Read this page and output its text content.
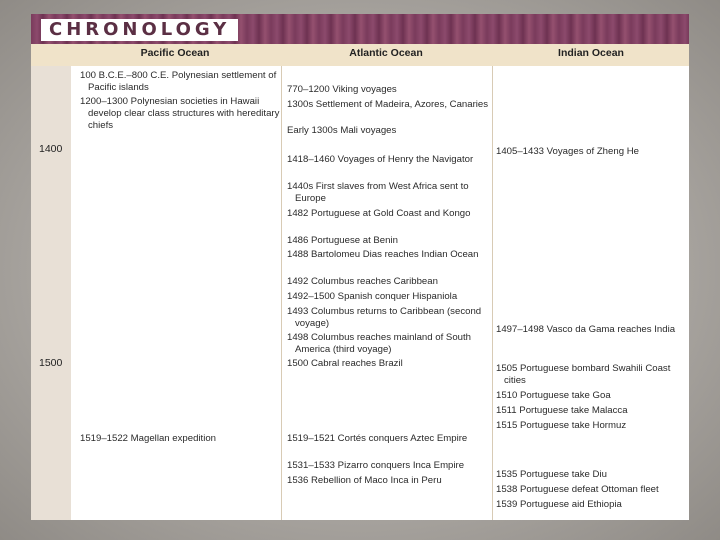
CHRONOLOGY
Pacific Ocean	Atlantic Ocean	Indian Ocean
1400
1500
100 B.C.E.–800 C.E. Polynesian settlement of Pacific islands
1200–1300 Polynesian societies in Hawaii develop clear class structures with hereditary chiefs
1519–1522 Magellan expedition
770–1200 Viking voyages
1300s Settlement of Madeira, Azores, Canaries
Early 1300s Mali voyages
1418–1460 Voyages of Henry the Navigator
1440s First slaves from West Africa sent to Europe
1482 Portuguese at Gold Coast and Kongo
1486 Portuguese at Benin
1488 Bartolomeu Dias reaches Indian Ocean
1492 Columbus reaches Caribbean
1492–1500 Spanish conquer Hispaniola
1493 Columbus returns to Caribbean (second voyage)
1498 Columbus reaches mainland of South America (third voyage)
1500 Cabral reaches Brazil
1519–1521 Cortés conquers Aztec Empire
1531–1533 Pizarro conquers Inca Empire
1536 Rebellion of Maco Inca in Peru
1405–1433 Voyages of Zheng He
1497–1498 Vasco da Gama reaches India
1505 Portuguese bombard Swahili Coast cities
1510 Portuguese take Goa
1511 Portuguese take Malacca
1515 Portuguese take Hormuz
1535 Portuguese take Diu
1538 Portuguese defeat Ottoman fleet
1539 Portuguese aid Ethiopia
